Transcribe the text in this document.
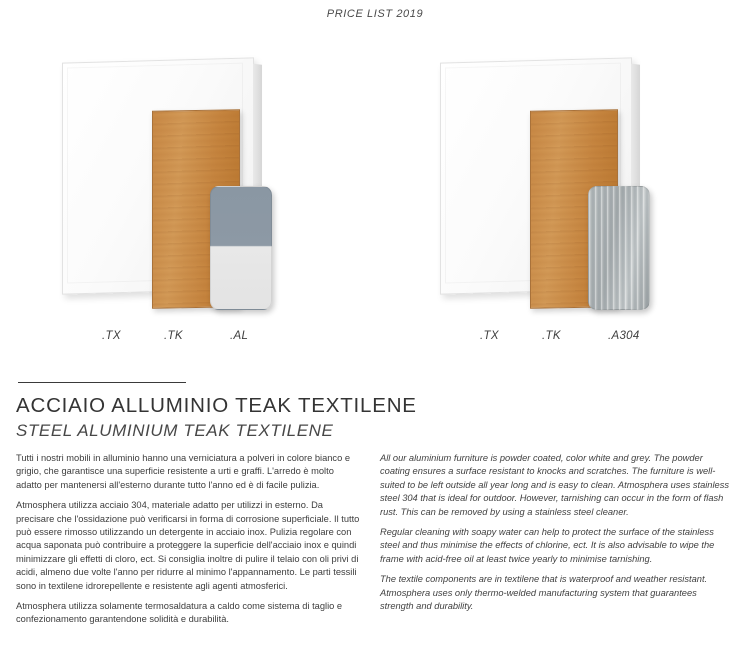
PRICE LIST 2019
.TX	.TK	.AL	.TX	.TK	.A304
ACCIAIO ALLUMINIO TEAK TEXTILENE
STEEL ALUMINIUM TEAK TEXTILENE

Tutti i nostri mobili in alluminio hanno una verniciatura a polveri in colore bianco e grigio, che garantisce una superficie resistente a urti e graffi. L'arredo è molto adatto per mantenersi all'esterno durante tutto l'anno ed è di facile pulizia.

Atmosphera utilizza acciaio 304, materiale adatto per utilizzi in esterno. Da precisare che l'ossidazione può verificarsi in forma di corrosione superficiale. Il tutto può essere rimosso utilizzando un detergente in acciaio inox. Pulizia regolare con acqua saponata può contribuire a proteggere la superficie dell'acciaio inox e quindi minimizzare gli effetti di cloro, ect. Si consiglia inoltre di pulire il telaio con oli privi di acidi, almeno due volte l'anno per ridurre al minimo l'appannamento. Le parti tessili sono in textilene idrorepellente e resistente agli agenti atmosferici.

Atmosphera utilizza solamente termosaldatura a caldo come sistema di taglio e confezionamento garantendone solidità e durabilità.

All our aluminium furniture is powder coated, color white and grey. The powder coating ensures a surface resistant to knocks and scratches. The furniture is well-suited to be left outside all year long and is easy to clean. Atmosphera uses stainless steel 304 that is ideal for outdoor. However, tarnishing can occur in the form of flash rust. This can be removed by using a stainless steel cleaner.

Regular cleaning with soapy water can help to protect the surface of the stainless steel and thus minimise the effects of chlorine, ect. It is also advisable to wipe the frame with acid-free oil at least twice yearly to minimise tarnishing.

The textile components are in textilene that is waterproof and weather resistant. Atmosphera uses only thermo-welded manufacturing system that guarantees strength and durability.
